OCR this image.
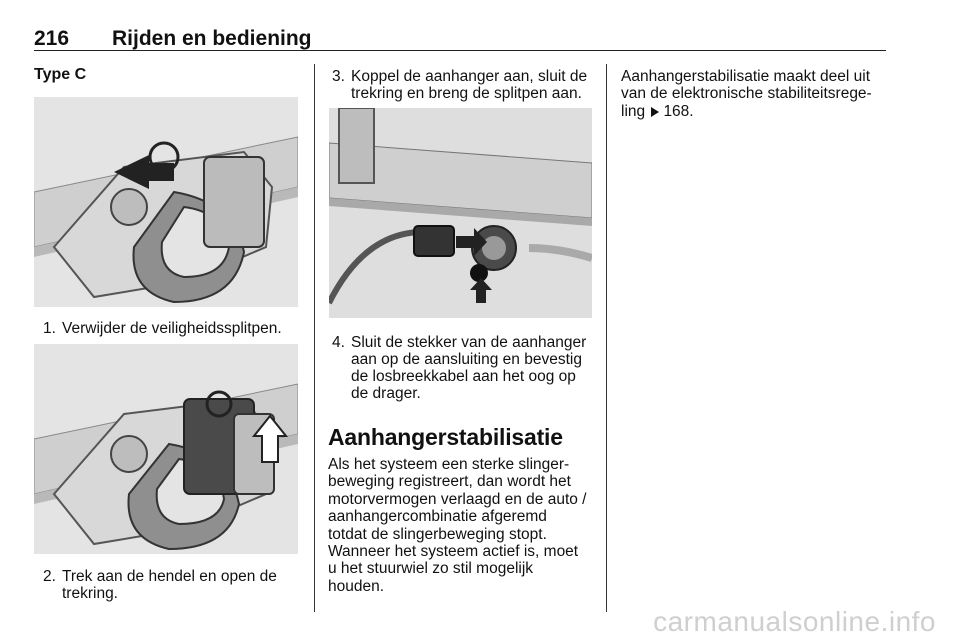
216 Rijden en bediening
Type C
1. Verwijder de veiligheidssplitpen.
2. Trek aan de hendel en open de
trekring.
3. Koppel de aanhanger aan, sluit de
trekring en breng de splitpen aan.
4. Sluit de stekker van de aanhanger
aan op de aansluiting en bevestig
de losbreekkabel aan het oog op
de drager.
Aanhangerstabilisatie
Als het systeem een sterke slinger-
beweging registreert, dan wordt het
motorvermogen verlaagd en de auto /
aanhangercombinatie afgeremd
totdat de slingerbeweging stopt.
Wanneer het systeem actief is, moet
u het stuurwiel zo stil mogelijk
houden.
Aanhangerstabilisatie maakt deel uit
van de elektronische stabiliteitsrege-
ling 168.
carmanualsonline.info
